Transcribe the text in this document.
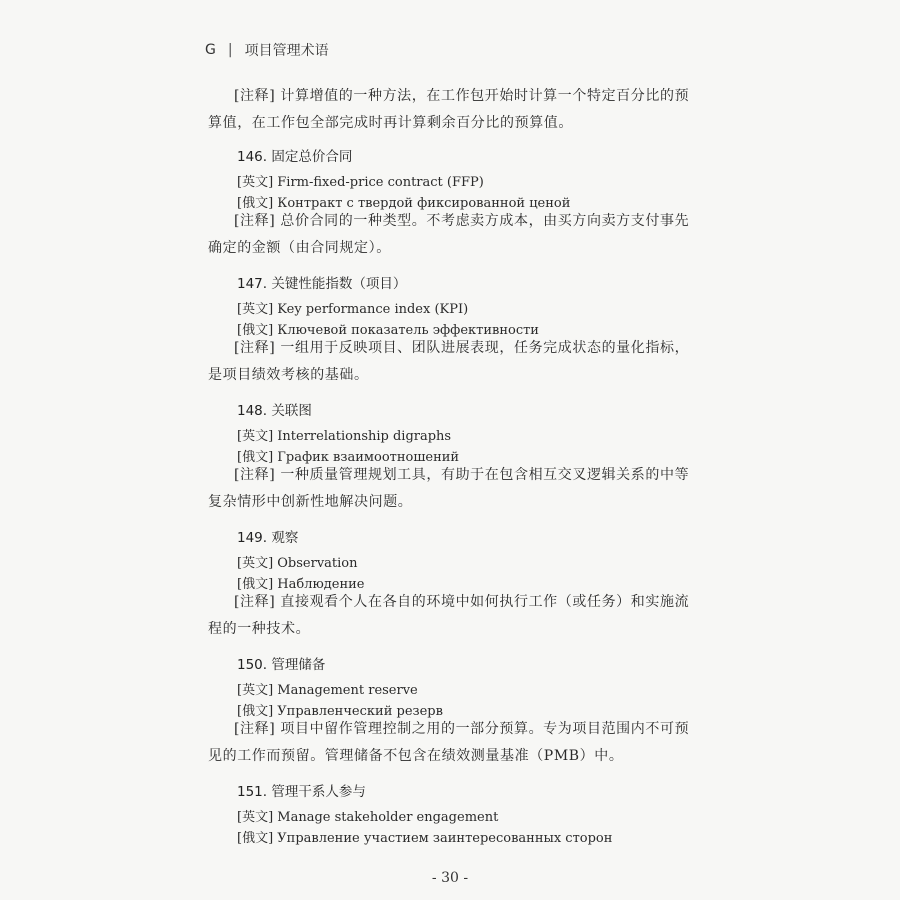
G | 项目管理术语
[注释] 计算增值的一种方法，在工作包开始时计算一个特定百分比的预算值，在工作包全部完成时再计算剩余百分比的预算值。
146. 固定总价合同
[英文] Firm-fixed-price contract (FFP)
[俄文] Контракт с твердой фиксированной ценой
[注释] 总价合同的一种类型。不考虑卖方成本，由买方向卖方支付事先确定的金额（由合同规定）。
147. 关键性能指数（项目）
[英文] Key performance index (KPI)
[俄文] Ключевой показатель эффективности
[注释] 一组用于反映项目、团队进展表现，任务完成状态的量化指标，是项目绩效考核的基础。
148. 关联图
[英文] Interrelationship digraphs
[俄文] График взаимоотношений
[注释] 一种质量管理规划工具，有助于在包含相互交叉逻辑关系的中等复杂情形中创新性地解决问题。
149. 观察
[英文] Observation
[俄文] Наблюдение
[注释] 直接观看个人在各自的环境中如何执行工作（或任务）和实施流程的一种技术。
150. 管理储备
[英文] Management reserve
[俄文] Управленческий резерв
[注释] 项目中留作管理控制之用的一部分预算。专为项目范围内不可预见的工作而预留。管理储备不包含在绩效测量基准（PMB）中。
151. 管理干系人参与
[英文] Manage stakeholder engagement
[俄文] Управление участием заинтересованных сторон
- 30 -
